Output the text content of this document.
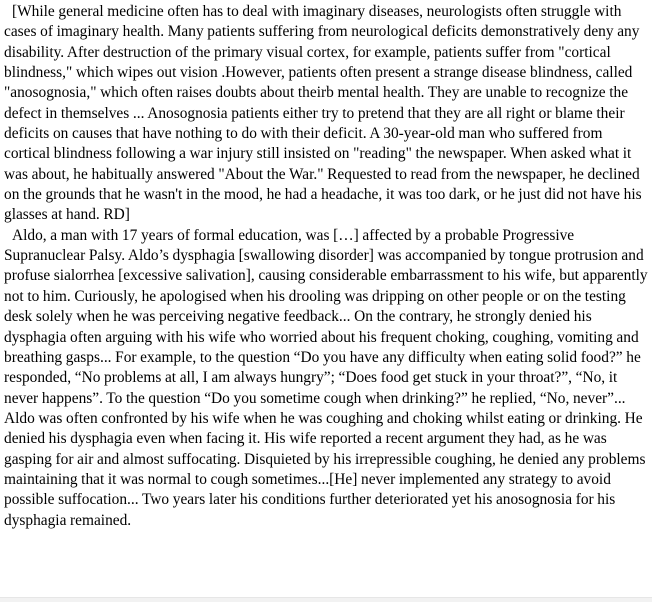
[While general medicine often has to deal with imaginary diseases, neurologists often struggle with cases of imaginary health. Many patients suffering from neurological deficits demonstratively deny any disability. After destruction of the primary visual cortex, for example, patients suffer from "cortical blindness," which wipes out vision .However, patients often present a strange disease blindness, called "anosognosia," which often raises doubts about theirb mental health. They are unable to recognize the defect in themselves ... Anosognosia patients either try to pretend that they are all right or blame their deficits on causes that have nothing to do with their deficit. A 30-year-old man who suffered from cortical blindness following a war injury still insisted on "reading" the newspaper. When asked what it was about, he habitually answered "About the War." Requested to read from the newspaper, he declined on the grounds that he wasn't in the mood, he had a headache, it was too dark, or he just did not have his glasses at hand. RD]

Aldo, a man with 17 years of formal education, was […] affected by a probable Progressive Supranuclear Palsy. Aldo’s dysphagia [swallowing disorder] was accompanied by tongue protrusion and profuse sialorrhea [excessive salivation], causing considerable embarrassment to his wife, but apparently not to him. Curiously, he apologised when his drooling was dripping on other people or on the testing desk solely when he was perceiving negative feedback... On the contrary, he strongly denied his dysphagia often arguing with his wife who worried about his frequent choking, coughing, vomiting and breathing gasps... For example, to the question “Do you have any difficulty when eating solid food?” he responded, “No problems at all, I am always hungry”; “Does food get stuck in your throat?”, “No, it never happens”. To the question “Do you sometime cough when drinking?” he replied, “No, never”... Aldo was often confronted by his wife when he was coughing and choking whilst eating or drinking. He denied his dysphagia even when facing it. His wife reported a recent argument they had, as he was gasping for air and almost suffocating. Disquieted by his irrepressible coughing, he denied any problems maintaining that it was normal to cough sometimes...[He] never implemented any strategy to avoid possible suffocation... Two years later his conditions further deteriorated yet his anosognosia for his dysphagia remained.
